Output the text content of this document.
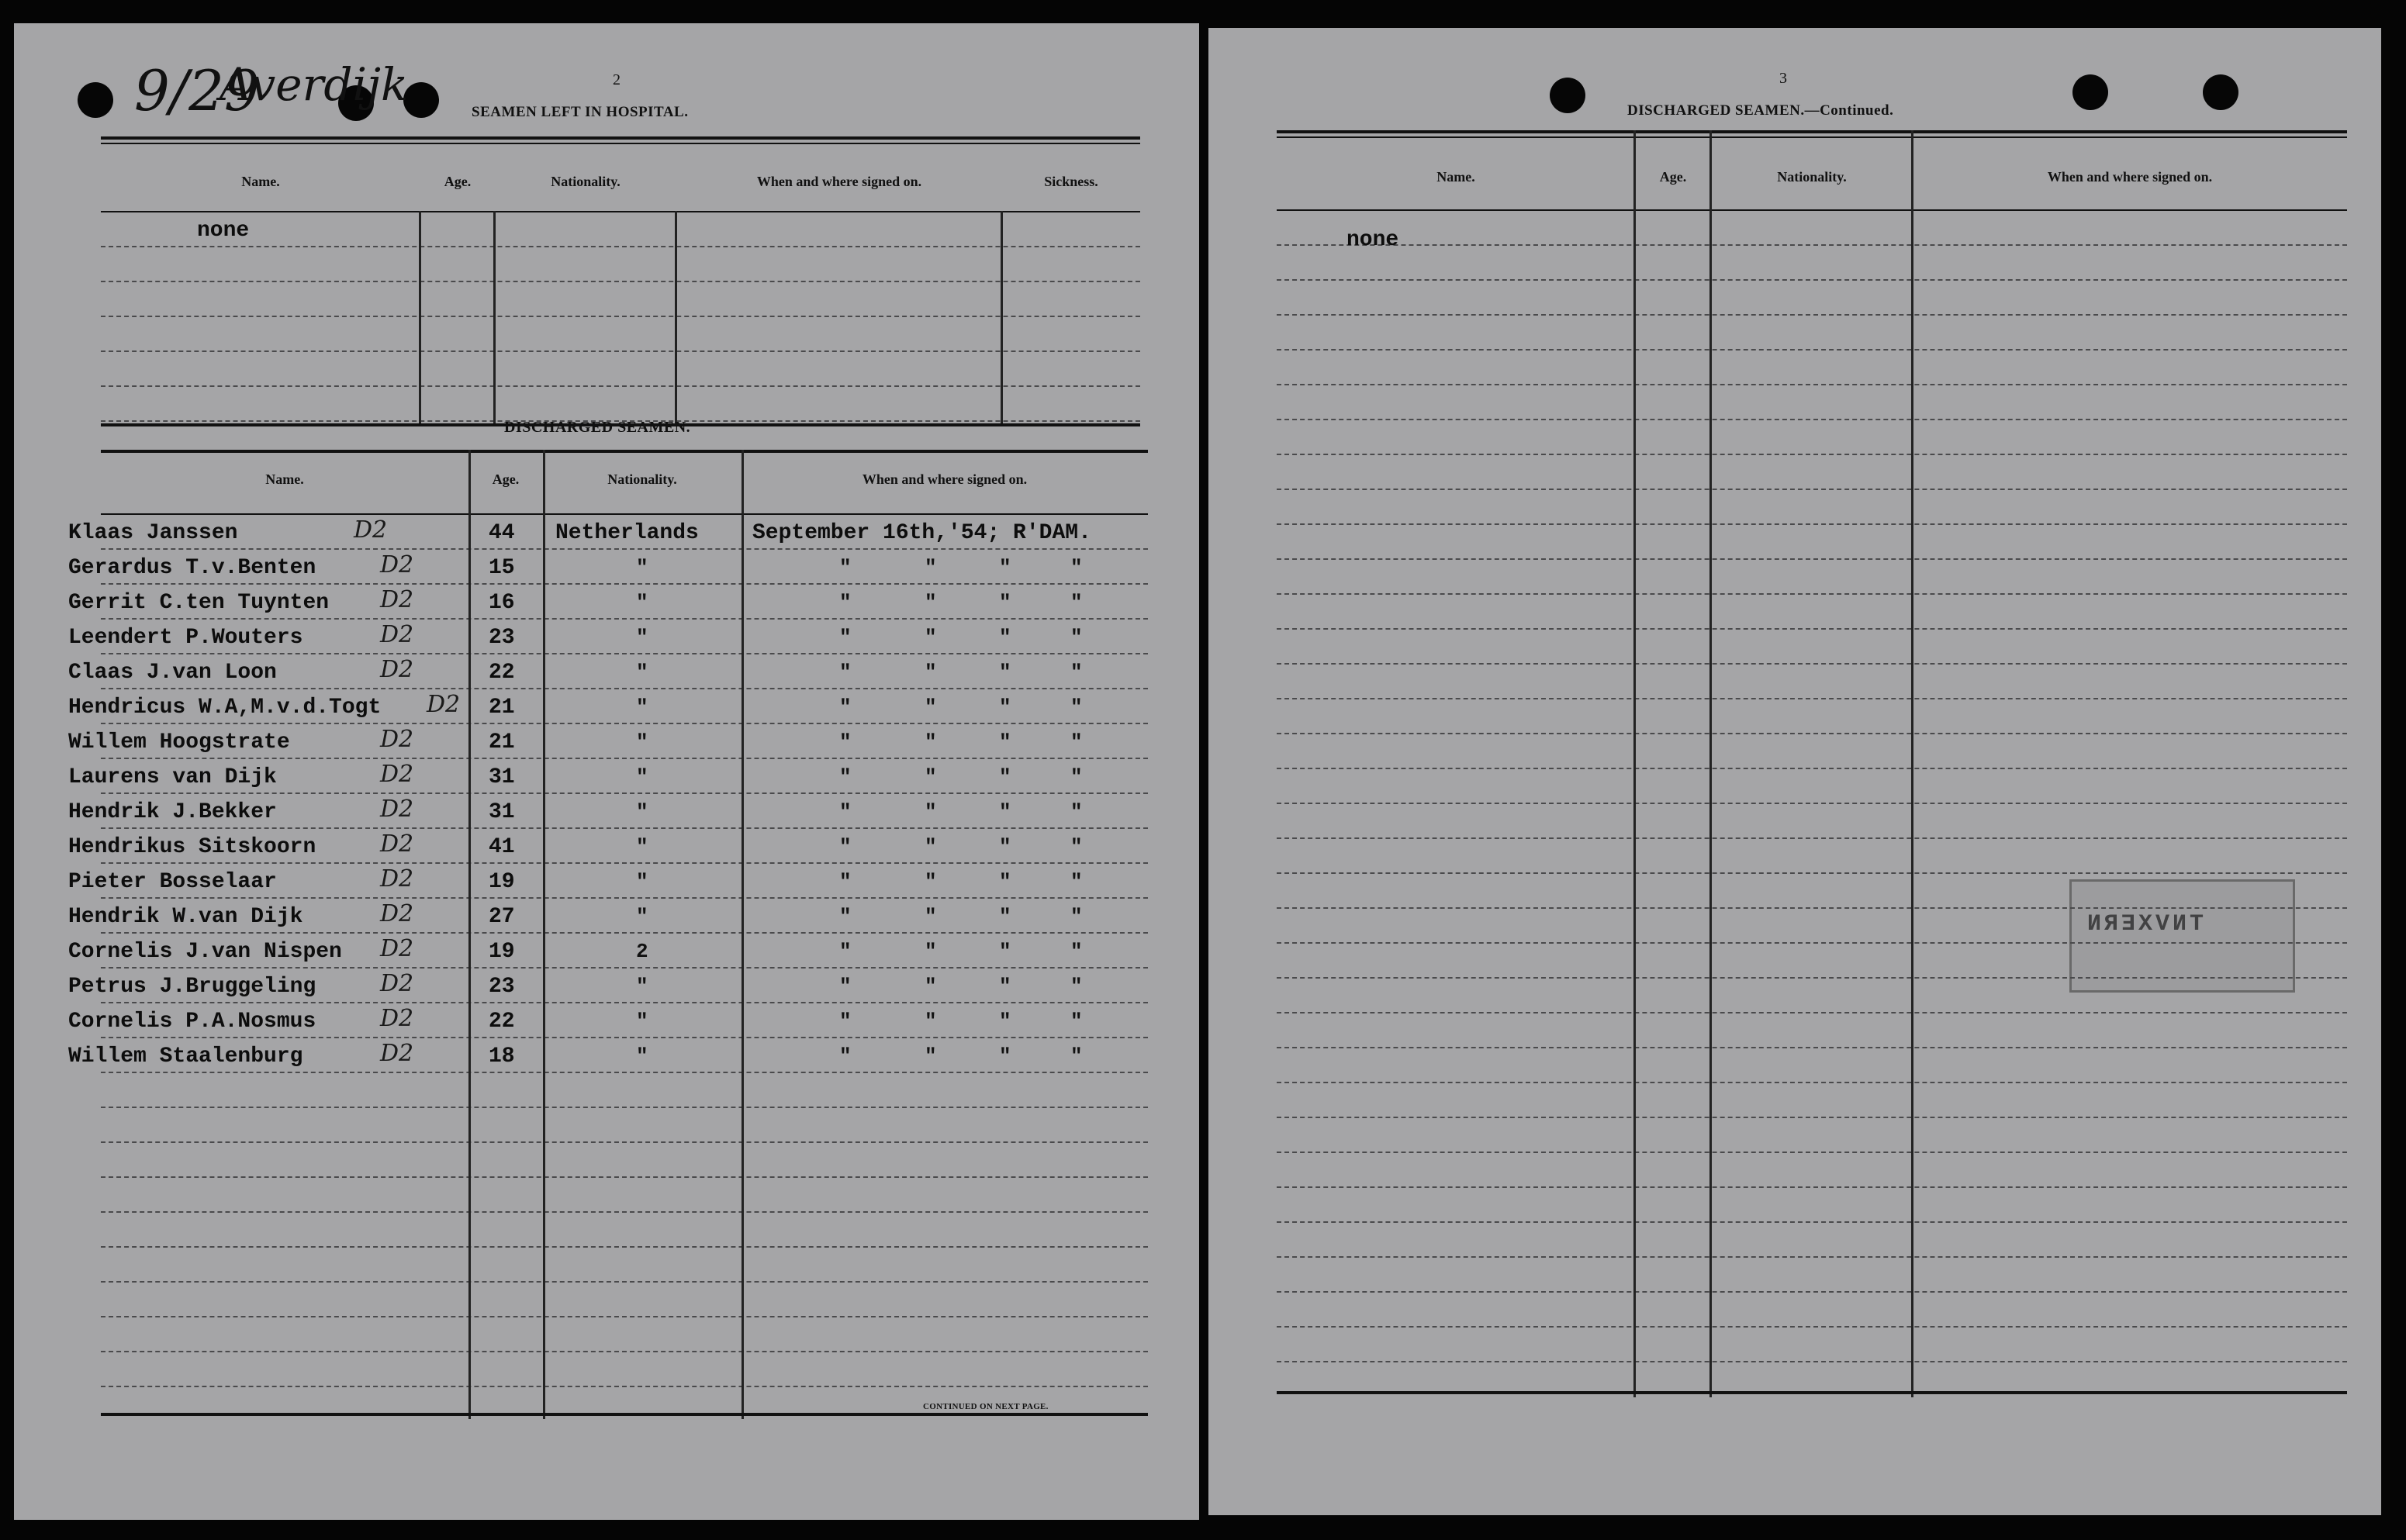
9/29
Averdijk	2
SEAMEN LEFT IN HOSPITAL.
Name.	Age.	Nationality.	When and where signed on.	Sickness.
none
DISCHARGED SEAMEN.
Name.	Age.	Nationality.	When and where signed on.
Klaas Janssen	D2	44 Netherlands September 16th,'54; R'DAM.
Gerardus T.v.Benten	D2	15	"	"	"	"	"
Gerrit C.ten Tuynten D2	16	"	"	"	"	"
Leendert P.Wouters	D2	23	"	"	"	"	"
Claas J.van Loon	D2	22	"	"	"	"	"
Hendricus W.A,M.v.d.Togt D2 21	"	"	"	"	"
Willem Hoogstrate	D2	21	"	"	"	"	"
Laurens van Dijk	D2	31	"	"	"	"	"
Hendrik J.Bekker	D2	31	"	"	"	"	"
Hendrikus Sitskoorn	D2	41	"	"	"	"	"
Pieter Bosselaar	D2	19	"	"	"	"	"
Hendrik W.van Dijk	D2	27	"	"	"	"	"
Cornelis J.van Nispen D2	19	2	"	"	"	"
Petrus J.Bruggeling	D2	23	"	"	"	"	"
Cornelis P.A.Nosmus	D2	22	"	"	"	"	"
Willem Staalenburg	D2	18	"	"	"	"	"
CONTINUED ON NEXT PAGE.
3
DISCHARGED SEAMEN.—Continued.
ИЯƎXVИT
Name.	Age.	Nationality.	When and where signed on.
none
